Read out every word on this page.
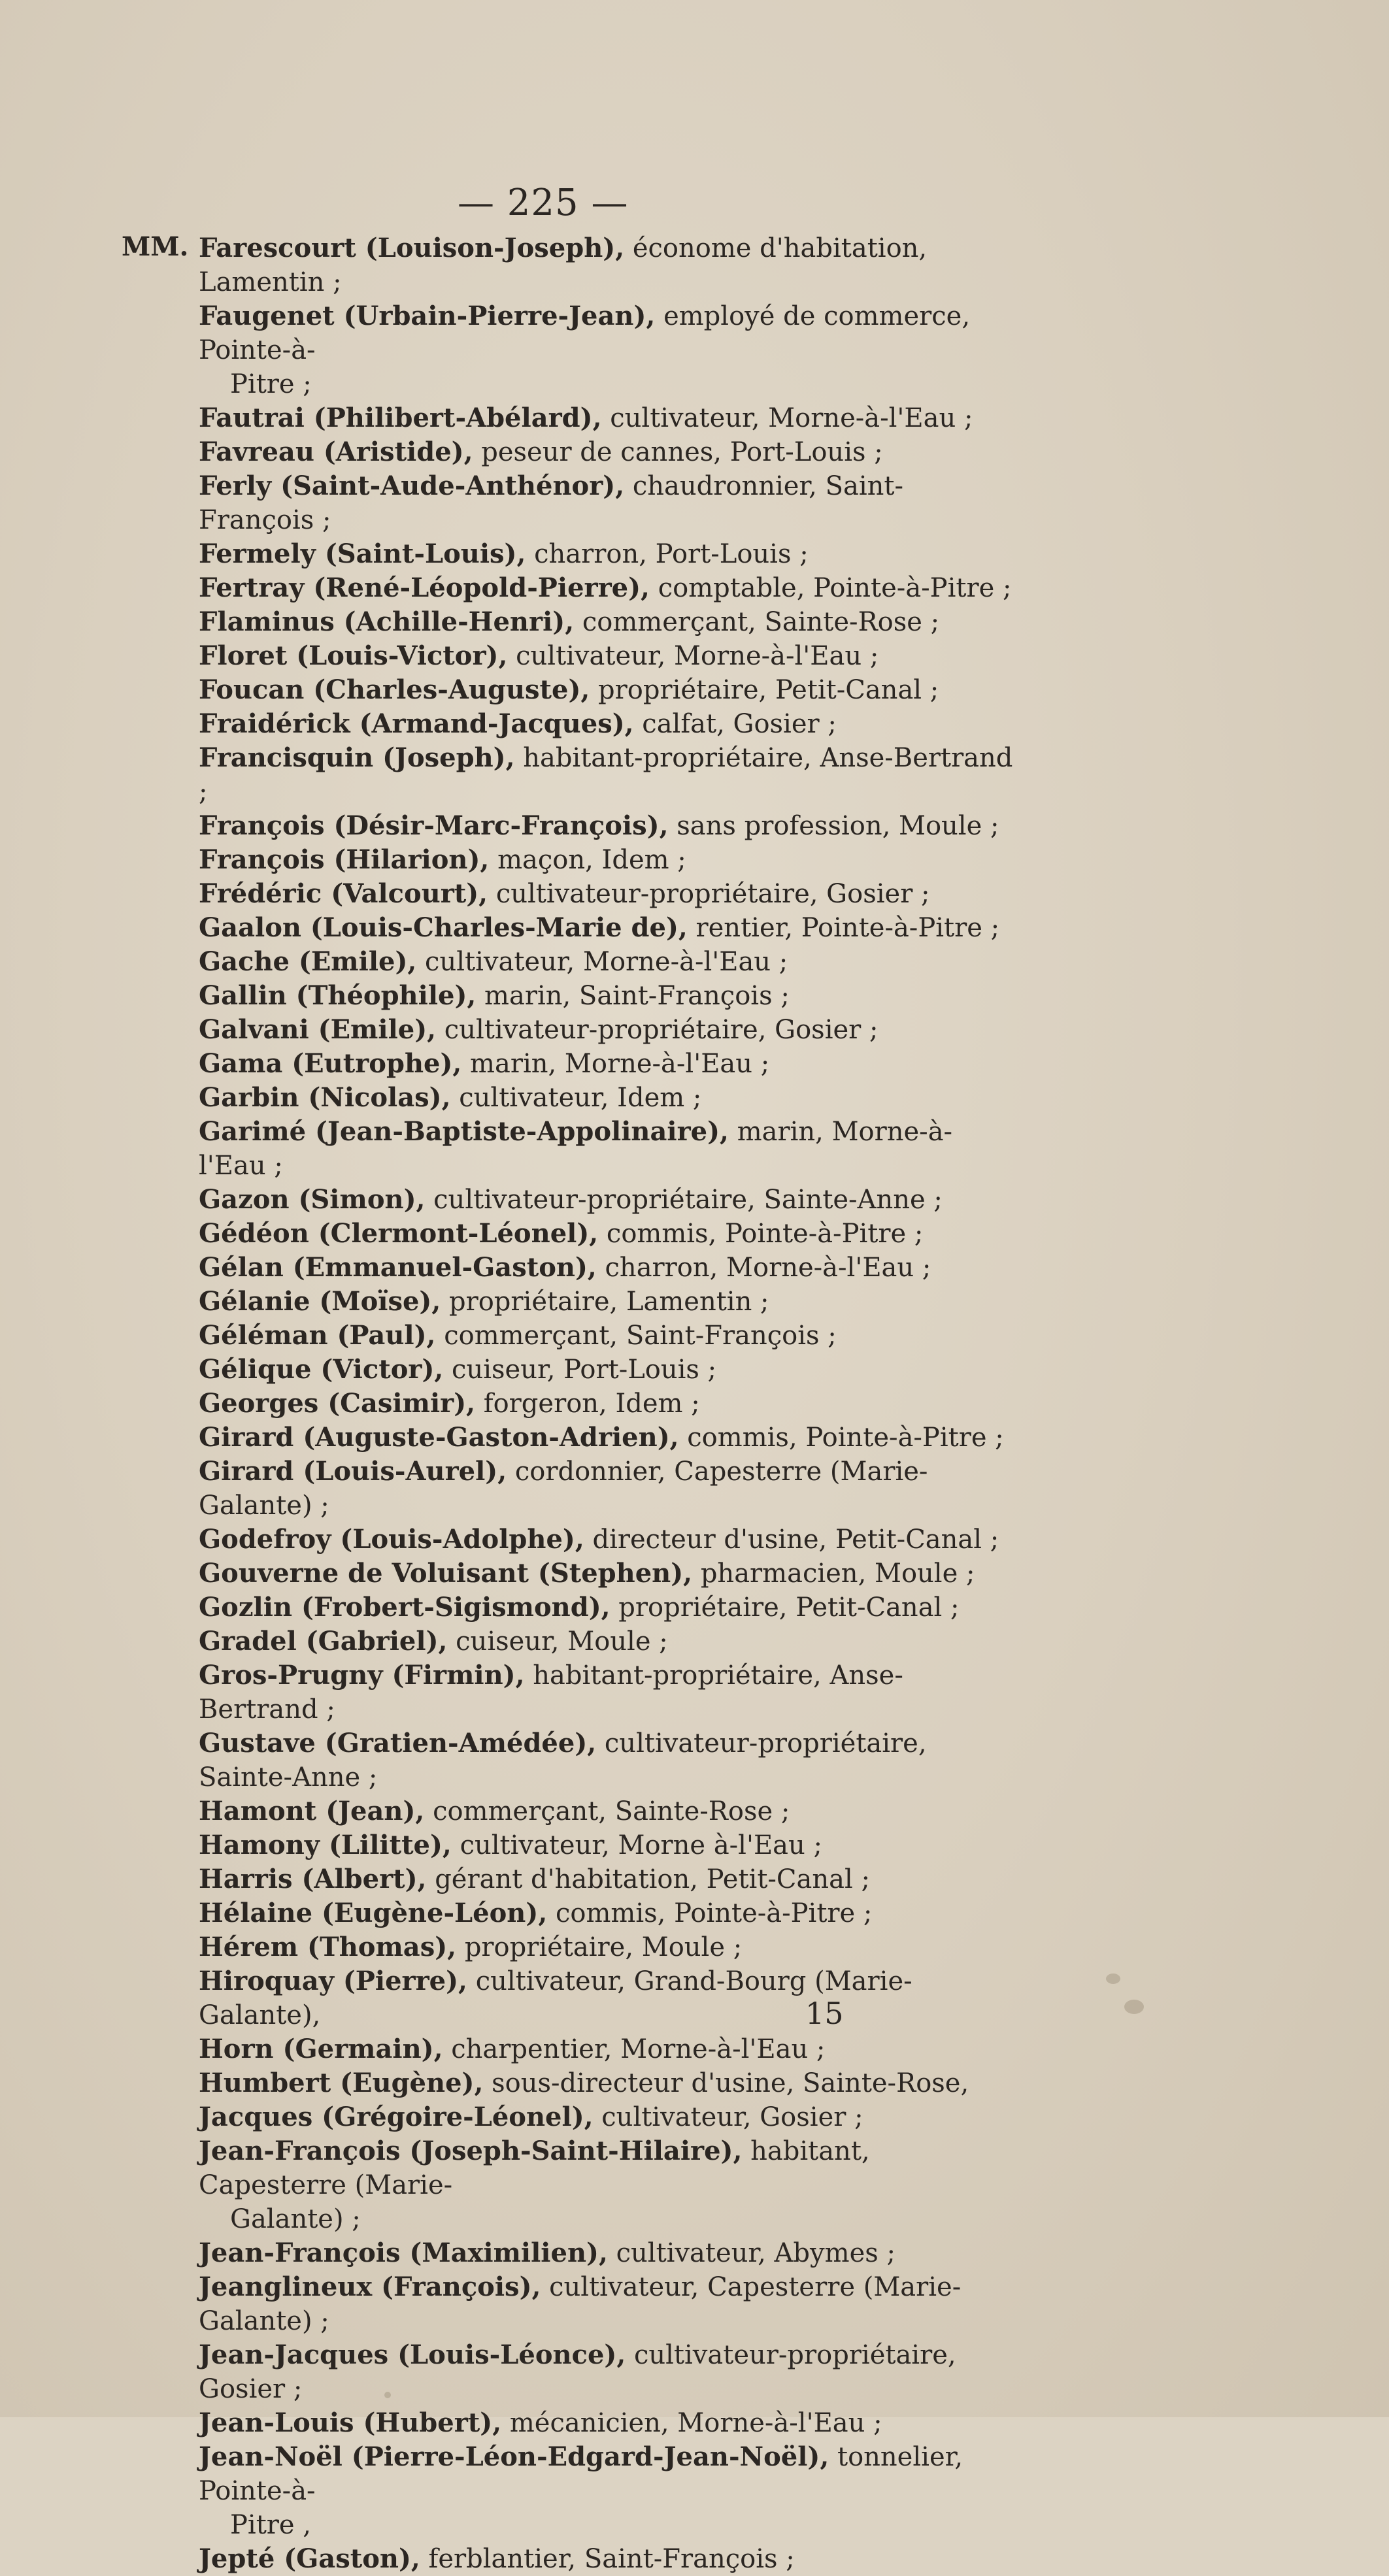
— 225 —
MM. Farescourt (Louison-Joseph), économe d'habitation, Lamentin ;
Faugenet (Urbain-Pierre-Jean), employé de commerce, Pointe-à-
Pitre ;
Fautrai (Philibert-Abélard), cultivateur, Morne-à-l'Eau ;
Favreau (Aristide), peseur de cannes, Port-Louis ;
Ferly (Saint-Aude-Anthénor), chaudronnier, Saint-François ;
Fermely (Saint-Louis), charron, Port-Louis ;
Fertray (René-Léopold-Pierre), comptable, Pointe-à-Pitre ;
Flaminus (Achille-Henri), commerçant, Sainte-Rose ;
Floret (Louis-Victor), cultivateur, Morne-à-l'Eau ;
Foucan (Charles-Auguste), propriétaire, Petit-Canal ;
Fraidérick (Armand-Jacques), calfat, Gosier ;
Francisquin (Joseph), habitant-propriétaire, Anse-Bertrand ;
François (Désir-Marc-François), sans profession, Moule ;
François (Hilarion), maçon, Idem ;
Frédéric (Valcourt), cultivateur-propriétaire, Gosier ;
Gaalon (Louis-Charles-Marie de), rentier, Pointe-à-Pitre ;
Gache (Emile), cultivateur, Morne-à-l'Eau ;
Gallin (Théophile), marin, Saint-François ;
Galvani (Emile), cultivateur-propriétaire, Gosier ;
Gama (Eutrophe), marin, Morne-à-l'Eau ;
Garbin (Nicolas), cultivateur, Idem ;
Garimé (Jean-Baptiste-Appolinaire), marin, Morne-à-l'Eau ;
Gazon (Simon), cultivateur-propriétaire, Sainte-Anne ;
Gédéon (Clermont-Léonel), commis, Pointe-à-Pitre ;
Gélan (Emmanuel-Gaston), charron, Morne-à-l'Eau ;
Gélanie (Moïse), propriétaire, Lamentin ;
Géléman (Paul), commerçant, Saint-François ;
Gélique (Victor), cuiseur, Port-Louis ;
Georges (Casimir), forgeron, Idem ;
Girard (Auguste-Gaston-Adrien), commis, Pointe-à-Pitre ;
Girard (Louis-Aurel), cordonnier, Capesterre (Marie-Galante) ;
Godefroy (Louis-Adolphe), directeur d'usine, Petit-Canal ;
Gouverne de Voluisant (Stephen), pharmacien, Moule ;
Gozlin (Frobert-Sigismond), propriétaire, Petit-Canal ;
Gradel (Gabriel), cuiseur, Moule ;
Gros-Prugny (Firmin), habitant-propriétaire, Anse-Bertrand ;
Gustave (Gratien-Amédée), cultivateur-propriétaire, Sainte-Anne ;
Hamont (Jean), commerçant, Sainte-Rose ;
Hamony (Lilitte), cultivateur, Morne à-l'Eau ;
Harris (Albert), gérant d'habitation, Petit-Canal ;
Hélaine (Eugène-Léon), commis, Pointe-à-Pitre ;
Hérem (Thomas), propriétaire, Moule ;
Hiroquay (Pierre), cultivateur, Grand-Bourg (Marie-Galante),
Horn (Germain), charpentier, Morne-à-l'Eau ;
Humbert (Eugène), sous-directeur d'usine, Sainte-Rose,
Jacques (Grégoire-Léonel), cultivateur, Gosier ;
Jean-François (Joseph-Saint-Hilaire), habitant, Capesterre (Marie-
Galante) ;
Jean-François (Maximilien), cultivateur, Abymes ;
Jeanglineux (François), cultivateur, Capesterre (Marie-Galante) ;
Jean-Jacques (Louis-Léonce), cultivateur-propriétaire, Gosier ;
Jean-Louis (Hubert), mécanicien, Morne-à-l'Eau ;
Jean-Noël (Pierre-Léon-Edgard-Jean-Noël), tonnelier, Pointe-à-
Pitre ,
Jepté (Gaston), ferblantier, Saint-François ;
15
